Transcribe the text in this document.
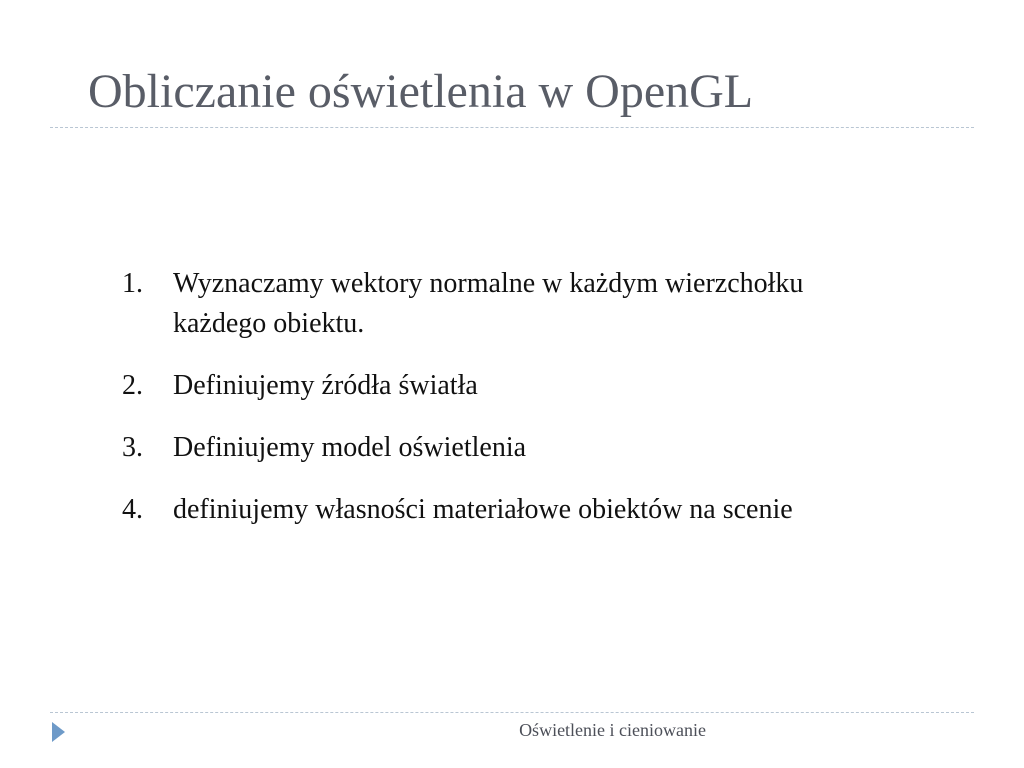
Obliczanie oświetlenia w OpenGL
1. Wyznaczamy wektory normalne w każdym wierzchołku każdego obiektu.
2. Definiujemy źródła światła
3. Definiujemy model oświetlenia
4. definiujemy własności materiałowe obiektów na scenie
Oświetlenie i cieniowanie
